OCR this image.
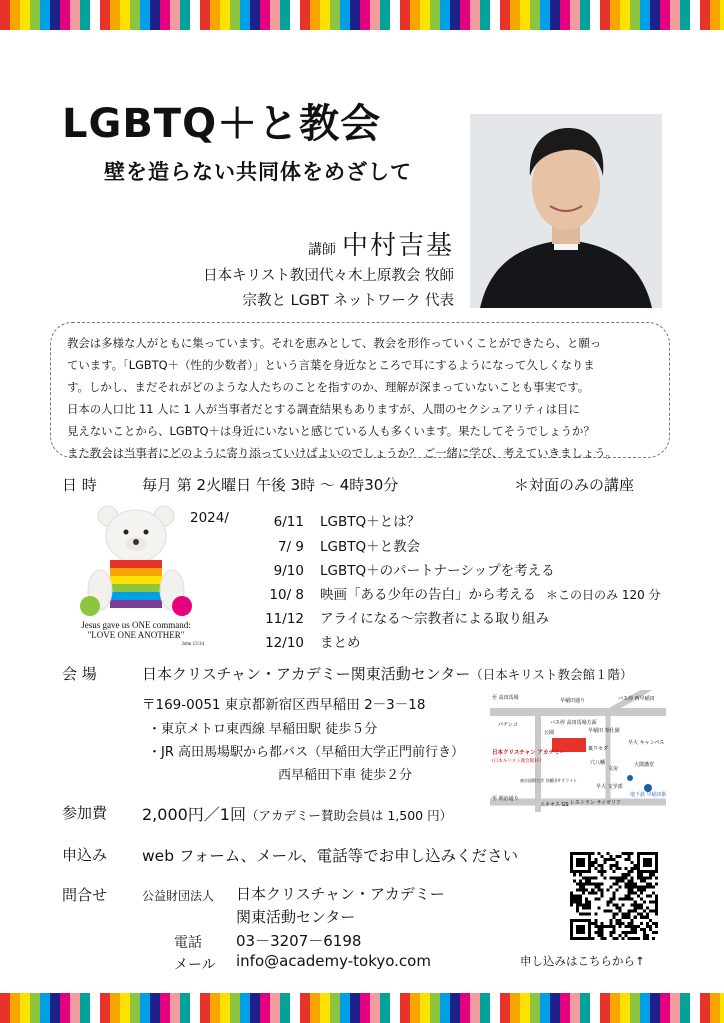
LGBTQ＋と教会
壁を造らない共同体をめざして
講師 中村吉基
日本キリスト教団代々木上原教会 牧師
宗教と LGBT ネットワーク 代表
教会は多様な人がともに集っています。それを恵みとして、教会を形作っていくことができたら、と願っ
ています。「LGBTQ＋（性的少数者）」という言葉を身近なところで耳にするようになって久しくなりま
す。しかし、まだそれがどのような人たちのことを指すのか、理解が深まっていないことも事実です。
日本の人口比 11 人に 1 人が当事者だとする調査結果もありますが、人間のセクシュアリティは目に
見えないことから、LGBTQ＋は身近にいないと感じている人も多くいます。果たしてそうでしょうか？
また教会は当事者にどのように寄り添っていけばよいのでしょうか？ ご一緒に学び、考えていきましょう。
日 時	毎月 第 2火曜日 午後 3時 ～ 4時30分	＊対面のみの講座
Jesus gave us ONE command:
"LOVE ONE ANOTHER"
John 13:34
2024/	6/11 LGBTQ＋とは？
7/ 9 LGBTQ＋と教会
9/10 LGBTQ＋のパートナーシップを考える
10/ 8 映画「ある少年の告白」から考える ＊この日のみ 120 分
11/12 アライになる～宗教者による取り組み
12/10 まとめ
会 場	日本クリスチャン・アカデミー関東活動センター（日本キリスト教会館１階）
〒169-0051 東京都新宿区西早稲田 2－3－18
・東京メトロ東西線 早稲田駅 徒歩５分
・JR 高田馬場駅から都バス（早稲田大学正門前行き）
西早稲田下車 徒歩２分
至 高田馬場	早稲田通り	バス停 西早稲田
パチンコ	バス停 高田馬場方面
早稲田 奉仕園
日本クリスチャン アカデミー
(日本キリスト教会館1F)
公園
裏ワセダ
早大 キャンパス
穴八幡
文房
大隈講堂
至 明治通り
エネオス GS レストラン サイゼリア
早大 文学部
地下鉄 早稲田駅
東京国際大学 早稲田サテライト
参加費 2,000円／1回（アカデミー賛助会員は 1,500 円）
申込み web フォーム、メール、電話等でお申し込みください
問合せ	公益財団法人 日本クリスチャン・アカデミー
関東活動センター
電話 03－3207－6198
メール info@academy-tokyo.com	申し込みはこちらから↑
